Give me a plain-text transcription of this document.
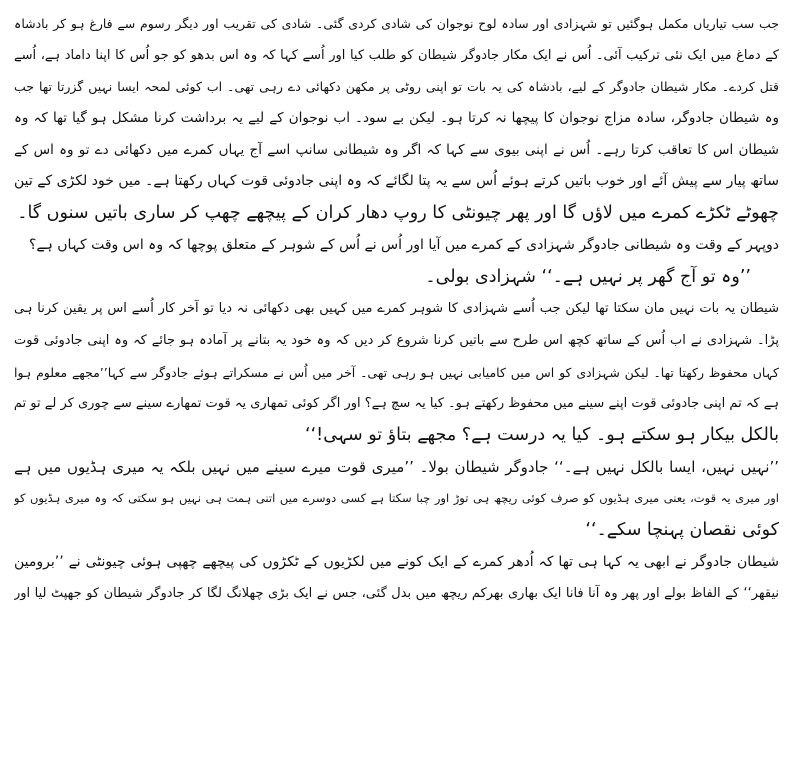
جب سب تیاریاں مکمل ہوگئیں تو شہزادی اور سادہ لوح نوجوان کی شادی کردی گئی۔ شادی کی تقریب اور دیگر رسوم سے فارغ ہو کر بادشاہ
کے دماغ میں ایک نئی ترکیب آئی۔ اُس نے ایک مکار جادوگر شیطان کو طلب کیا اور اُسے کہا کہ وہ اس بدھو کو جو اُس کا اپنا داماد ہے، اُسے
قتل کردے۔ مکار شیطان جادوگر کے لیے، بادشاہ کی یہ بات تو اپنی روٹی پر مکھن دکھائی دے رہی تھی۔ اب کوئی لمحہ ایسا نہیں گزرتا تھا جب
وہ شیطان جادوگر، سادہ مزاج نوجوان کا پیچھا نہ کرتا ہو۔ لیکن بے سود۔ اب نوجوان کے لیے یہ برداشت کرنا مشکل ہو گیا تھا کہ وہ
شیطان اس کا تعاقب کرتا رہے۔ اُس نے اپنی بیوی سے کہا کہ اگر وہ شیطانی سانپ اسے آج یہاں کمرے میں دکھائی دے تو وہ اس کے
ساتھ پیار سے پیش آئے اور خوب باتیں کرتے ہوئے اُس سے یہ پتا لگائے کہ وہ اپنی جادوئی قوت کہاں رکھتا ہے۔ میں خود لکڑی کے تین
چھوٹے ٹکڑے کمرے میں لاؤں گا اور پھر چیونٹی کا روپ دھار کران کے پیچھے چھپ کر ساری باتیں سنوں گا۔
دوپہر کے وقت وہ شیطانی جادوگر شہزادی کے کمرے میں آیا اور اُس نے اُس کے شوہر کے متعلق پوچھا کہ وہ اس وقت کہاں ہے؟
’’وہ تو آج گھر پر نہیں ہے۔‘‘ شہزادی بولی۔
شیطان یہ بات نہیں مان سکتا تھا لیکن جب اُسے شہزادی کا شوہر کمرے میں کہیں بھی دکھائی نہ دیا تو آخر کار اُسے اس پر یقین کرنا ہی
پڑا۔ شہزادی نے اب اُس کے ساتھ کچھ اس طرح سے باتیں کرنا شروع کر دیں کہ وہ خود یہ بتانے پر آمادہ ہو جائے کہ وہ اپنی جادوئی قوت
کہاں محفوظ رکھتا تھا۔ لیکن شہزادی کو اس میں کامیابی نہیں ہو رہی تھی۔ آخر میں اُس نے مسکراتے ہوئے جادوگر سے کہا’’مجھے معلوم ہوا
ہے کہ تم اپنی جادوئی قوت اپنے سینے میں محفوظ رکھتے ہو۔ کیا یہ سچ ہے؟ اور اگر کوئی تمھاری یہ قوت تمھارے سینے سے چوری کر لے تو تم
بالکل بیکار ہو سکتے ہو۔ کیا یہ درست ہے؟ مجھے بتاؤ تو سہی!‘‘
’’نہیں نہیں، ایسا بالکل نہیں ہے۔‘‘ جادوگر شیطان بولا۔ ’’میری قوت میرے سینے میں نہیں بلکہ یہ میری ہڈیوں میں ہے
اور میری یہ قوت، یعنی میری ہڈیوں کو صرف کوئی ریچھ ہی توڑ اور چبا سکتا ہے کسی دوسرے میں اتنی ہمت ہی نہیں ہو سکتی کہ وہ میری ہڈیوں کو
کوئی نقصان پہنچا سکے۔‘‘
شیطان جادوگر نے ابھی یہ کہا ہی تھا کہ اُدھر کمرے کے ایک کونے میں لکڑیوں کے ٹکڑوں کی پیچھے چھپی ہوئی چیونٹی نے ’’برومین
نیقھر‘‘ کے الفاظ بولے اور پھر وہ آنا فانا ایک بھاری بھرکم ریچھ میں بدل گئی، جس نے ایک بڑی چھلانگ لگا کر جادوگر شیطان کو جھپٹ لیا اور
